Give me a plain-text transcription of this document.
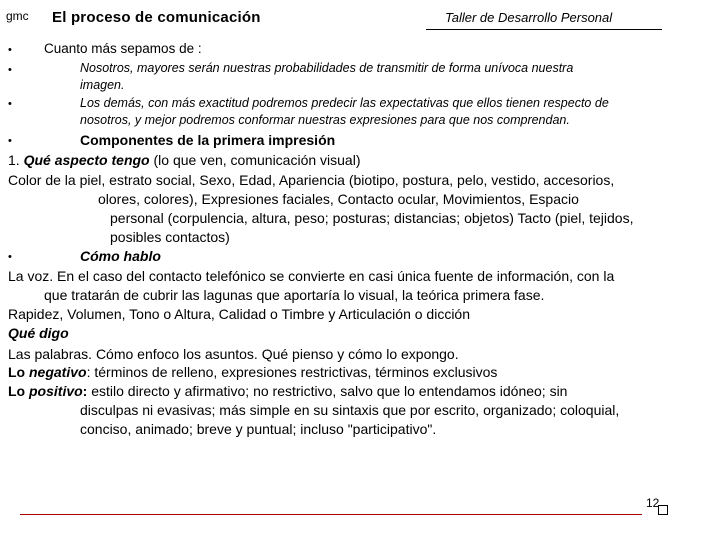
gmc El proceso de comunicación	Taller de Desarrollo Personal
• Cuanto más sepamos de :
•	Nosotros, mayores serán nuestras probabilidades de transmitir de forma unívoca nuestra
imagen.
•	Los demás, con más exactitud podremos predecir las expectativas que ellos tienen respecto de
nosotros, y mejor podremos conformar nuestras expresiones para que nos comprendan.
•	Componentes de la primera impresión
1. Qué aspecto tengo (lo que ven, comunicación visual)
Color de la piel, estrato social, Sexo, Edad, Apariencia (biotipo, postura, pelo, vestido, accesorios,
olores, colores), Expresiones faciales, Contacto ocular, Movimientos, Espacio
personal (corpulencia, altura, peso; posturas; distancias; objetos) Tacto (piel, tejidos,
posibles contactos)
•	Cómo hablo
La voz. En el caso del contacto telefónico se convierte en casi única fuente de información, con la
que tratarán de cubrir las lagunas que aportaría lo visual, la teórica primera fase.
Rapidez, Volumen, Tono o Altura, Calidad o Timbre y Articulación o dicción
Qué digo
Las palabras. Cómo enfoco los asuntos. Qué pienso y cómo lo expongo.
Lo negativo: términos de relleno, expresiones restrictivas, términos exclusivos
Lo positivo: estilo directo y afirmativo; no restrictivo, salvo que lo entendamos idóneo; sin
disculpas ni evasivas; más simple en su sintaxis que por escrito, organizado; coloquial,
conciso, animado; breve y puntual; incluso "participativo".
12
